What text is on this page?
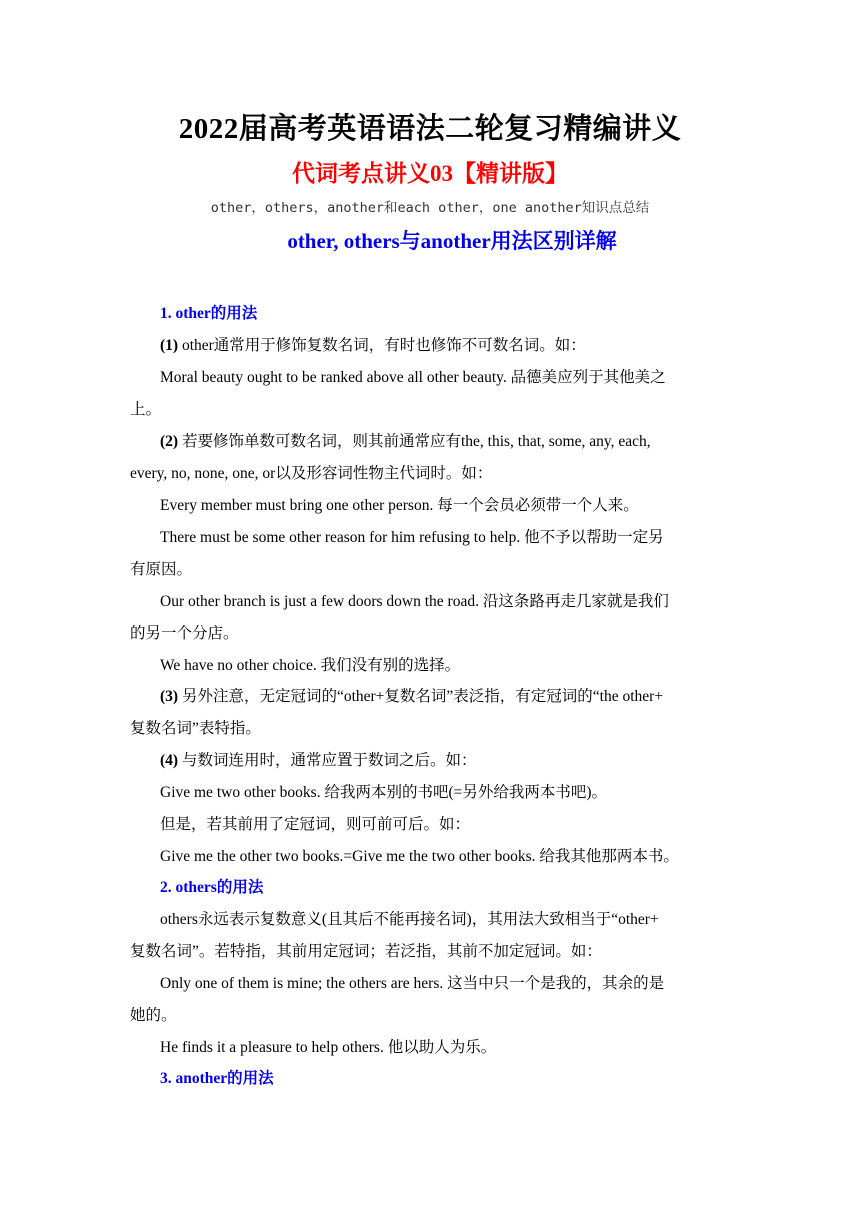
2022届高考英语语法二轮复习精编讲义
代词考点讲义03【精讲版】
other，others，another和each other，one another知识点总结
other, others与another用法区别详解
1. other的用法
(1) other通常用于修饰复数名词，有时也修饰不可数名词。如：
Moral beauty ought to be ranked above all other beauty. 品德美应列于其他美之
上。
(2) 若要修饰单数可数名词，则其前通常应有the, this, that, some, any, each,
every, no, none, one, or以及形容词性物主代词时。如：
Every member must bring one other person. 每一个会员必须带一个人来。
There must be some other reason for him refusing to help. 他不予以帮助一定另
有原因。
Our other branch is just a few doors down the road. 沿这条路再走几家就是我们
的另一个分店。
We have no other choice. 我们没有别的选择。
(3) 另外注意，无定冠词的“other+复数名词”表泛指，有定冠词的“the other+
复数名词”表特指。
(4) 与数词连用时，通常应置于数词之后。如：
Give me two other books. 给我两本别的书吧(=另外给我两本书吧)。
但是，若其前用了定冠词，则可前可后。如：
Give me the other two books.=Give me the two other books. 给我其他那两本书。
2. others的用法
others永远表示复数意义(且其后不能再接名词)，其用法大致相当于“other+
复数名词”。若特指，其前用定冠词；若泛指，其前不加定冠词。如：
Only one of them is mine; the others are hers. 这当中只一个是我的，其余的是
她的。
He finds it a pleasure to help others. 他以助人为乐。
3. another的用法
